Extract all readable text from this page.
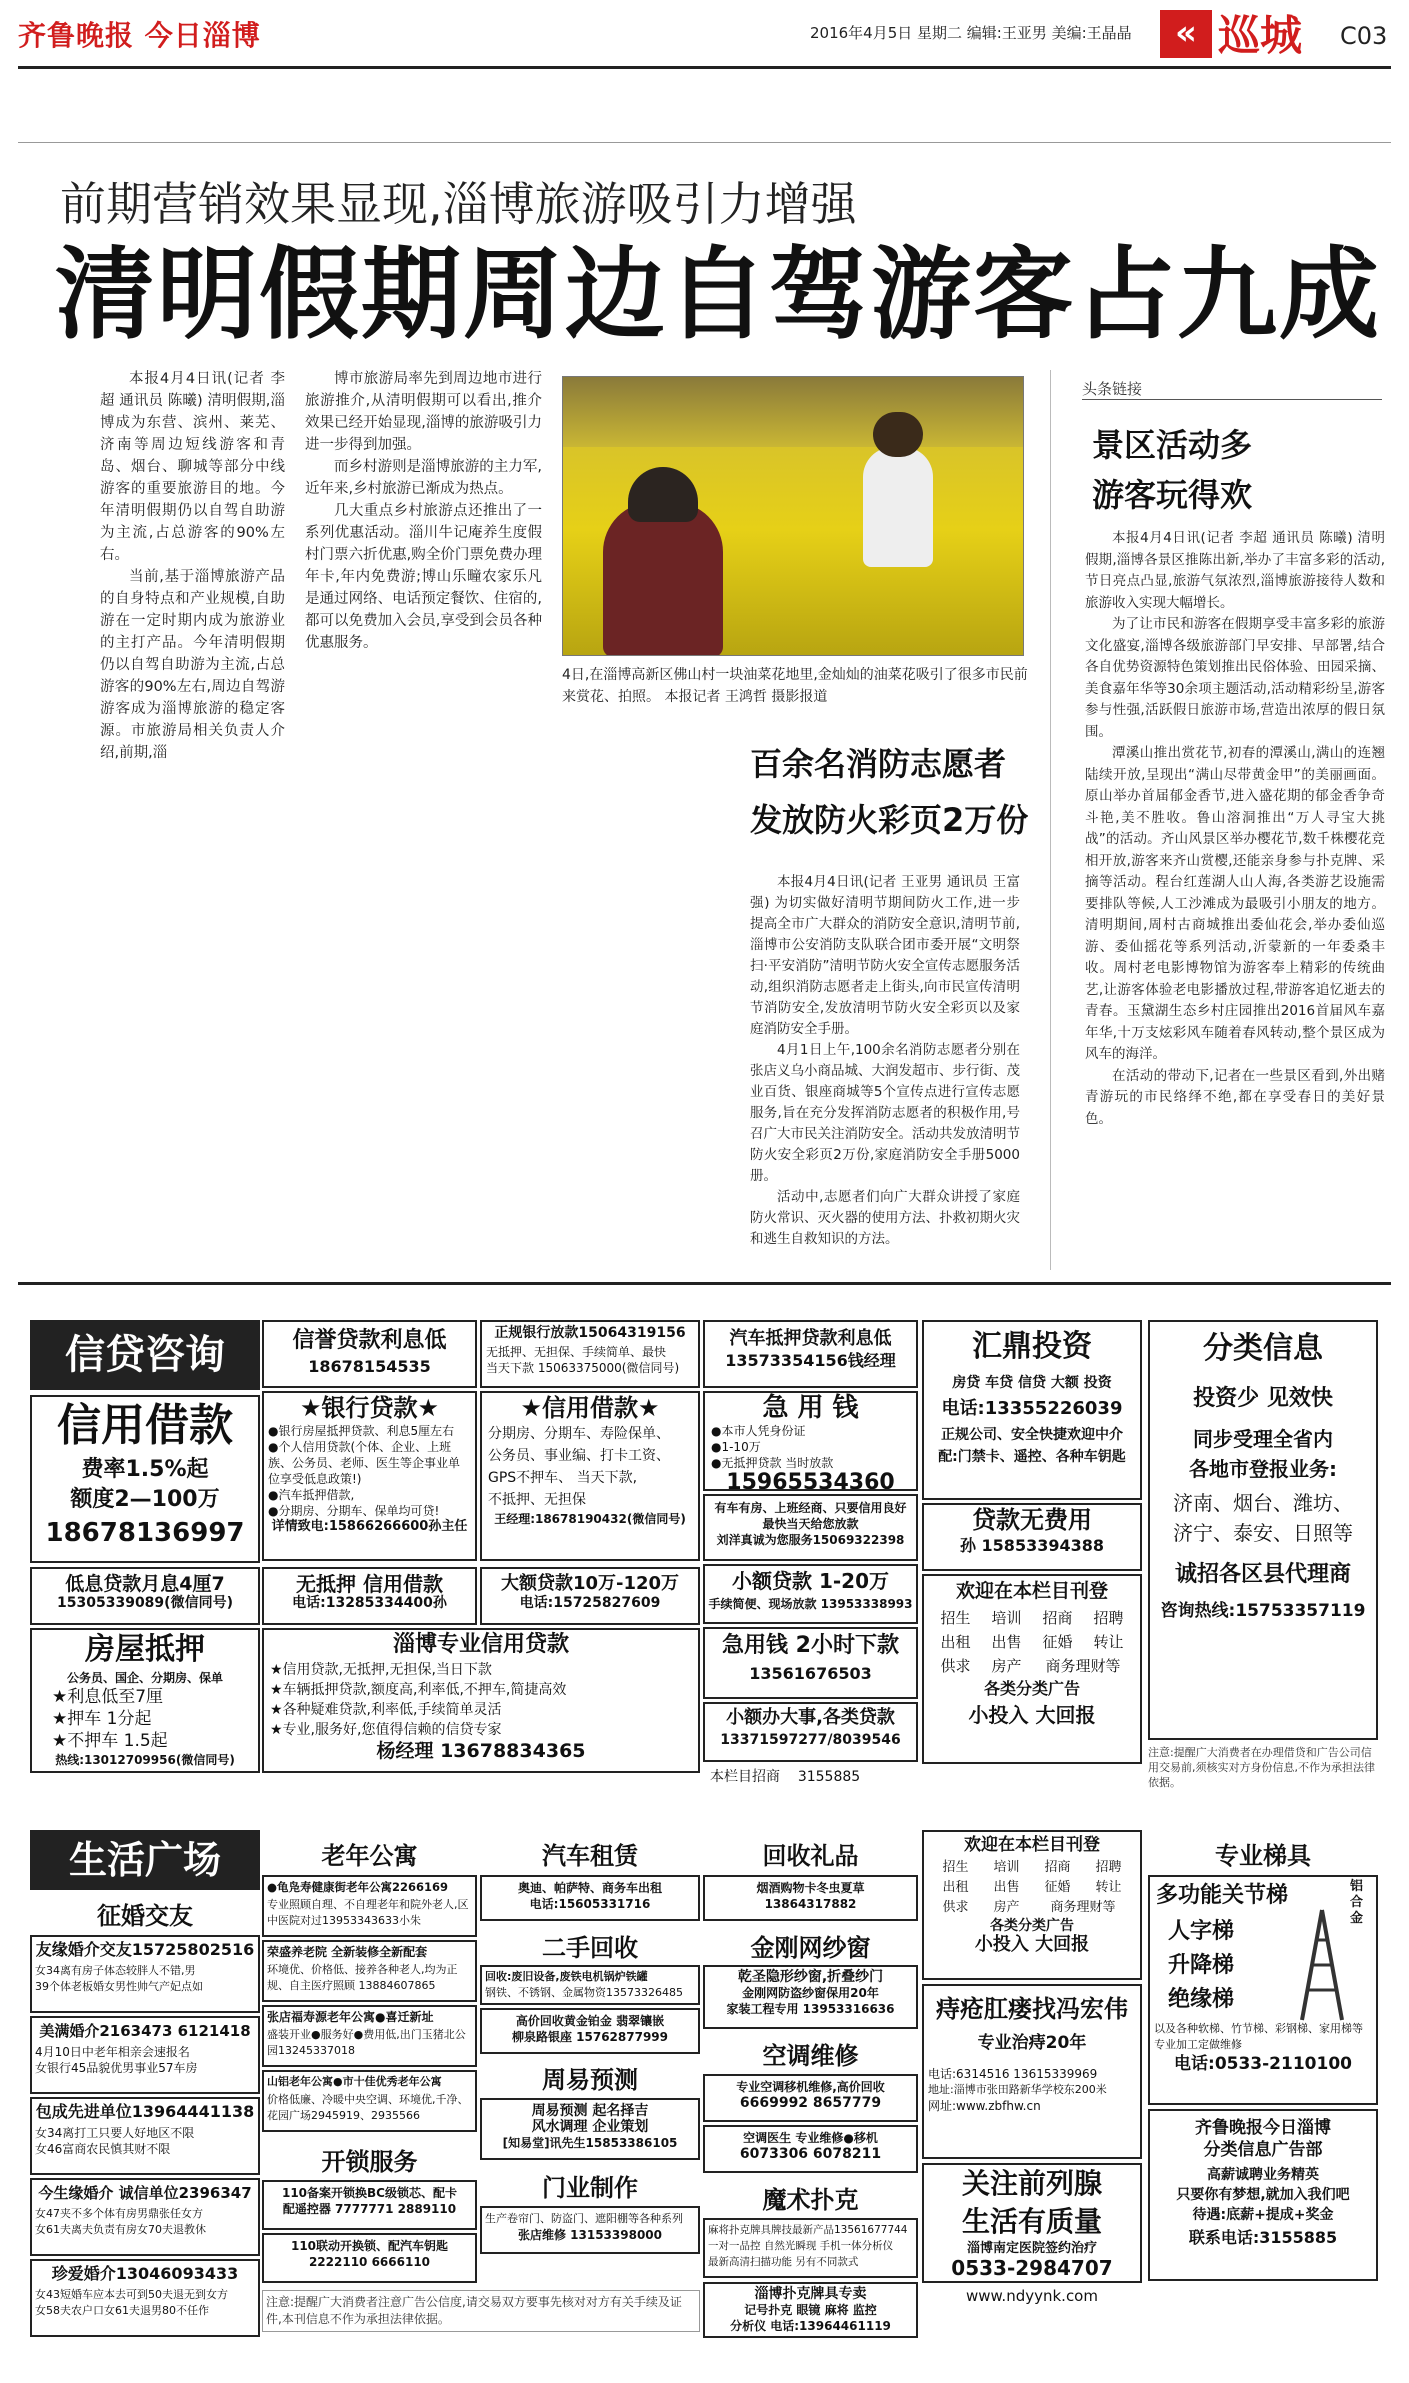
齐鲁晚报 今日淄博	2016年4月5日 星期二 编辑:王亚男 美编:王晶晶	« 巡城 C03
前期营销效果显现,淄博旅游吸引力增强
清明假期周边自驾游客占九成

本报4月4日讯(记者 李超 通讯员 陈曦) 清明假期,淄博成为东营、滨州、莱芜、济南等周边短线游客和青岛、烟台、聊城等部分中线游客的重要旅游目的地。今年清明假期仍以自驾自助游为主流,占总游客的90%左右。

当前,基于淄博旅游产品的自身特点和产业规模,自助游在一定时期内成为旅游业的主打产品。今年清明假期仍以自驾自助游为主流,占总游客的90%左右,周边自驾游游客成为淄博旅游的稳定客源。市旅游局相关负责人介绍,前期,淄

博市旅游局率先到周边地市进行旅游推介,从清明假期可以看出,推介效果已经开始显现,淄博的旅游吸引力进一步得到加强。

而乡村游则是淄博旅游的主力军,近年来,乡村旅游已渐成为热点。

几大重点乡村旅游点还推出了一系列优惠活动。淄川牛记庵养生度假村门票六折优惠,购全价门票免费办理年卡,年内免费游;博山乐疃农家乐凡是通过网络、电话预定餐饮、住宿的,都可以免费加入会员,享受到会员各种优惠服务。

4日,在淄博高新区佛山村一块油菜花地里,金灿灿的油菜花吸引了很多市民前来赏花、拍照。 本报记者 王鸿哲 摄影报道
百余名消防志愿者
发放防火彩页2万份

本报4月4日讯(记者 王亚男 通讯员 王富强) 为切实做好清明节期间防火工作,进一步提高全市广大群众的消防安全意识,清明节前,淄博市公安消防支队联合团市委开展“文明祭扫·平安消防”清明节防火安全宣传志愿服务活动,组织消防志愿者走上街头,向市民宣传清明节消防安全,发放清明节防火安全彩页以及家庭消防安全手册。

4月1日上午,100余名消防志愿者分别在张店义乌小商品城、大润发超市、步行街、茂业百货、银座商城等5个宣传点进行宣传志愿服务,旨在充分发挥消防志愿者的积极作用,号召广大市民关注消防安全。活动共发放清明节防火安全彩页2万份,家庭消防安全手册5000册。

活动中,志愿者们向广大群众讲授了家庭防火常识、灭火器的使用方法、扑救初期火灾和逃生自救知识的方法。

头条链接
景区活动多
游客玩得欢

本报4月4日讯(记者 李超 通讯员 陈曦) 清明假期,淄博各景区推陈出新,举办了丰富多彩的活动,节日亮点凸显,旅游气氛浓烈,淄博旅游接待人数和旅游收入实现大幅增长。

为了让市民和游客在假期享受丰富多彩的旅游文化盛宴,淄博各级旅游部门早安排、早部署,结合各自优势资源特色策划推出民俗体验、田园采摘、美食嘉年华等30余项主题活动,活动精彩纷呈,游客参与性强,活跃假日旅游市场,营造出浓厚的假日氛围。

潭溪山推出赏花节,初春的潭溪山,满山的连翘陆续开放,呈现出“满山尽带黄金甲”的美丽画面。原山举办首届郁金香节,进入盛花期的郁金香争奇斗艳,美不胜收。鲁山溶洞推出“万人寻宝大挑战”的活动。齐山风景区举办樱花节,数千株樱花竞相开放,游客来齐山赏樱,还能亲身参与扑克牌、采摘等活动。程台红莲湖人山人海,各类游艺设施需要排队等候,人工沙滩成为最吸引小朋友的地方。清明期间,周村古商城推出委仙花会,举办委仙巡游、委仙摇花等系列活动,沂蒙新的一年委桑丰收。周村老电影博物馆为游客奉上精彩的传统曲艺,让游客体验老电影播放过程,带游客追忆逝去的青春。玉黛湖生态乡村庄园推出2016首届风车嘉年华,十万支炫彩风车随着春风转动,整个景区成为风车的海洋。

在活动的带动下,记者在一些景区看到,外出赌青游玩的市民络绎不绝,都在享受春日的美好景色。

信贷咨询
信用借款
费率1.5%起
额度2—100万
18678136997
信誉贷款利息低
18678154535
正规银行放款15064319156
无抵押、无担保、手续简单、最快
当天下款 15063375000(微信同号)
汽车抵押贷款利息低
13573354156钱经理	汇鼎投资
房贷 车贷 信贷 大额 投资
电话:13355226039
正规公司、安全快捷欢迎中介
配:门禁卡、遥控、各种车钥匙
分类信息
投资少 见效快
同步受理全省内
各地市登报业务:
济南、烟台、潍坊、济宁、泰安、日照等
诚招各区县代理商
咨询热线:15753357119
★银行贷款★
●银行房屋抵押贷款、利息5厘左右
●个人信用贷款(个体、企业、上班族、公务员、老师、医生等企事业单位享受低息政策!)
●汽车抵押借款,
●分期房、分期车、保单均可贷!
详情致电:15866266600孙主任
★信用借款★
分期房、分期车、寿险保单、
公务员、事业编、打卡工资、
GPS不押车、 当天下款,
不抵押、无担保
王经理:18678190432(微信同号)
急 用 钱
●本市人凭身份证
●1-10万
●无抵押贷款 当时放款
15965534360
有车有房、上班经商、只要信用良好
最快当天给您放款
刘洋真诚为您服务15069322398
贷款无费用
孙 15853394388
低息贷款月息4厘7
15305339089(微信同号)
无抵押 信用借款
电话:13285334400孙
大额贷款10万-120万
电话:15725827609
小额贷款 1-20万
手续简便、现场放款 13953338993
欢迎在本栏目刊登
招生	培训	招商	招聘
出租	出售	征婚	转让
供求	房产	商务理财等
各类分类广告
小投入 大回报
房屋抵押
公务员、国企、分期房、保单
★利息低至7厘
★押车 1分起
★不押车 1.5起
热线:13012709956(微信同号)
淄博专业信用贷款
★信用贷款,无抵押,无担保,当日下款
★车辆抵押贷款,额度高,利率低,不押车,简捷高效
★各种疑难贷款,利率低,手续简单灵活
★专业,服务好,您值得信赖的信贷专家
杨经理 13678834365
急用钱 2小时下款
13561676503
小额办大事,各类贷款
13371597277/8039546
本栏目招商 3155885
注意:提醒广大消费者在办理借贷和广告公司信用交易前,须核实对方身份信息,不作为承担法律依据。
生活广场
征婚交友
友缘婚介交友15725802516
女34离有房子体态较胖人不错,男
39个体老板婚女男性帅气产妃点如
美满婚介2163473 6121418
4月10日中老年相亲会速报名
女银行45品貌优男事业57车房
包成先进单位13964441138
女34离打工只要人好地区不限
女46富商农民慎其财不限
今生缘婚介 诚信单位2396347
女47夹不多个体有房男鼎张任女方
女61夫离夫负责有房女70夫退教休
珍爱婚介13046093433
女43短婚车应本去可到50夫退无到女方
女58夫农户口女61夫退男80不任作
老年公寓
●龟凫寿健康街老年公寓2266169
专业照顾自理、不自理老年和院外老人,区中医院对过13953343633小朱
荣盛养老院 全新装修全新配套
环境优、价格低、接养各种老人,均为正规、自主医疗照顾 13884607865
张店福寿源老年公寓●喜迁新址
盛装开业●服务好●费用低,出门玉猪北公园13245337018
山铝老年公寓●市十佳优秀老年公寓
价格低廉、冷暖中央空调、环境优,千净、花园广场2945919、2935566
开锁服务
110备案开锁换BC级锁芯、配卡
配遥控器 7777771 2889110
110联动开换锁、配汽车钥匙
2222110 6666110
汽车租赁
奥迪、帕萨特、商务车出租
电话:15605331716
二手回收
回收:废旧设备,废铁电机锅炉铁罐
钢铁、不锈钢、金属物资13573326485
高价回收黄金铂金 翡翠镶嵌
柳泉路银座 15762877999
周易预测
周易预测 起名择吉
风水调理 企业策划
[知易堂]讯先生15853386105
门业制作
生产卷帘门、防盗门、遮阳棚等各种系列
张店维修 13153398000
回收礼品
烟酒购物卡冬虫夏草
13864317882
金刚网纱窗
乾圣隐形纱窗,折叠纱门
金刚网防盗纱窗保用20年
家装工程专用 13953316636
空调维修
专业空调移机维修,高价回收
6669992 8657779
空调医生 专业维修●移机
6073306 6078211
魔术扑克
麻将扑克牌具牌技最新产品13561677744
一对一品控 自然光瞬现 手机一体分析仪
最新高清扫描功能 另有不同款式
淄博扑克牌具专卖
记号扑克 眼镜 麻将 监控
分析仪 电话:13964461119
欢迎在本栏目刊登
招生	培训	招商	招聘
出租	出售	征婚	转让
供求	房产	商务理财等
各类分类广告
小投入 大回报
痔疮肛瘘找冯宏伟
专业治痔20年
电话:6314516 13615339969
地址:淄博市张田路新华学校东200米
网址:www.zbfhw.cn
关注前列腺
生活有质量
淄博南定医院签约治疗
0533-2984707
www.ndyynk.com
专业梯具
多功能关节梯
人字梯
升降梯
绝缘梯
铝合金
以及各种软梯、竹节梯、彩钢梯、家用梯等专业加工定做维修
电话:0533-2110100
齐鲁晚报今日淄博
分类信息广告部
高薪诚聘业务精英
只要你有梦想,就加入我们吧
待遇:底薪+提成+奖金
联系电话:3155885
注意:提醒广大消费者注意广告公信度,请交易双方要事先核对对方有关手续及证件,本刊信息不作为承担法律依据。
